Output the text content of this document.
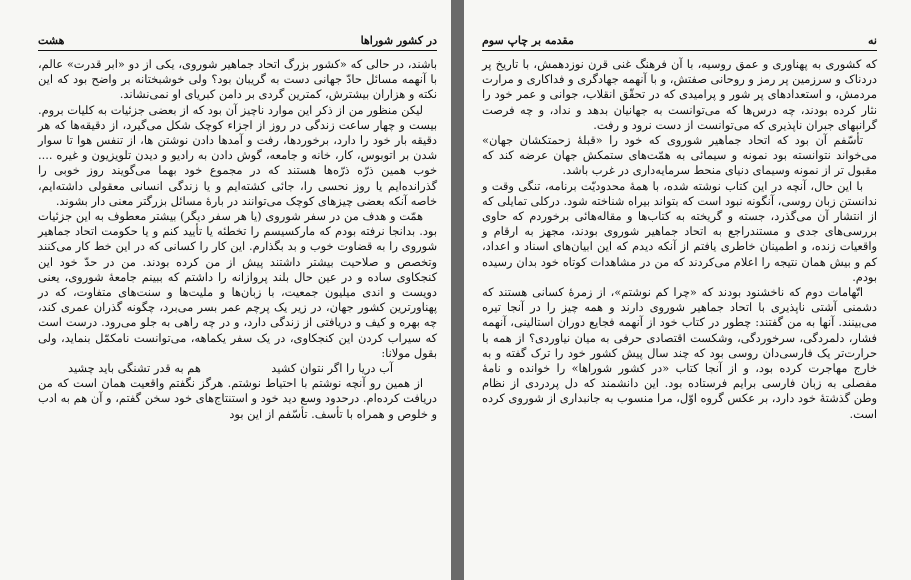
در کشور شوراها
هشت

باشند، در حالی که «کشور بزرگ اتحاد جماهیر شوروی، یکی از دو «ابر قدرت» عالم، با آنهمه مسائل حادّ جهانی دست به گریبان بود؟ ولی خوشبختانه بر واضح بود که این نکته و هزاران بیشترش، کمترین گردی بر دامن کبریای او نمی‌نشاند.

لیکن منظور من از ذکر این موارد ناچیز آن بود که از بعضی جزئیات به کلیات بروم. بیست و چهار ساعت زندگی در روز از اجزاء کوچک شکل می‌گیرد، از دقیقه‌ها که هر دقیقه بار خود را دارد، برخوردها، رفت و آمدها دادن نوشتن ها، از تنفس هوا تا سوار شدن بر اتوبوس، کار، خانه و جامعه، گوش دادن به رادیو و دیدن تلویزیون و غیره .... خوب همین ذرّه ذرّه‌ها هستند که در مجموع خود بهما می‌گویند روز خوبی را گذرانده‌ایم یا روز نحسی را، جائی کشته‌ایم و یا زندگی انسانی معقولی داشته‌ایم، خاصه آنکه بعضی چیزهای کوچک می‌توانند در بارهٔ مسائل بزرگتر معنی دار بشوند.

همّت و هدف من در سفر شوروی (یا هر سفر دیگر) بیشتر معطوف به این جزئیات بود. بدانجا نرفته بودم که مارکسیسم را تخطئه یا تأیید کنم و یا حکومت اتحاد جماهیر شوروی را به قضاوت خوب و بد بگذارم. این کار را کسانی که در این خط کار می‌کنند وتخصص و صلاحیت بیشتر داشتند پیش از من کرده بودند. من در حدّ خود این کنجکاوی ساده و در عین حال بلند پروازانه را داشتم که ببینم جامعهٔ شوروی، یعنی دویست و اندی میلیون جمعیت، با زبان‌ها و ملیت‌ها و سنت‌های متفاوت، که در پهناورترین کشور جهان، در زیر یک پرچم عمر بسر می‌برد، چگونه گذران عمری کند، چه بهره و کیف و دریافتی از زندگی دارد، و در چه راهی به جلو می‌رود. درست است که سیراب کردن این کنجکاوی، در یک سفر یکماهه، می‌توانست نامکمّل بنماید، ولی بقول مولانا:

آب دریا را اگر نتوان کشید
هم به قدر تشنگی باید چشید

از همین رو آنچه نوشتم با احتیاط نوشتم. هرگز نگفتم واقعیت همان است که من دریافت کرده‌ام. درحدود وسع دید خود و استنتاج‌های خود سخن گفتم، و آن هم به ادب و خلوص و همراه با تأسف. تأسّفم از این بود

نه
مقدمه بر چاپ سوم

که کشوری به پهناوری و عمق روسیه، با آن فرهنگ غنی قرن نوزدهمش، با تاریخ پر دردناک و سرزمین پر رمز و روحانی صفتش، و با آنهمه جهادگری و فداکاری و مرارت مردمش، و استعدادهای پر شور و پرامیدی که در تحقّق انقلاب، جوانی و عمر خود را نثار کرده بودند، چه درس‌ها که می‌توانست به جهانیان بدهد و نداد، و چه فرصت گرانبهای جبران ناپذیری که می‌توانست از دست نرود و رفت.

تأسّفم آن بود که اتحاد جماهیر شوروی که خود را «قبلهٔ زحمتکشان جهان» می‌خواند نتوانسته بود نمونه و سیمائی به همّت‌های ستمکش جهان عرضه کند که مقبول تر از نمونه وسیمای دنیای منحط سرمایه‌داری در غرب باشد.

با این حال، آنچه در این کتاب نوشته شده، با همهٔ محدودیّت برنامه، تنگی وقت و ندانستن زبان روسی، آنگونه نبود است که بتواند بیراه شناخته شود. درکلی تمایلی که از انتشار آن می‌گذرد، جسته و گریخته به کتاب‌ها و مقاله‌هائی برخوردم که حاوی بررسی‌های جدی و مستندراجع به اتحاد جماهیر شوروی بودند، مجهز به ارقام و واقعیات زنده، و اطمینان خاطری یافتم از آنکه دیدم که این ابیان‌های اسناد و اعداد، کم و بیش همان نتیجه را اعلام می‌کردند که من در مشاهدات کوتاه خود بدان رسیده بودم.

اتّهامات دوم که ناخشنود بودند که «چرا کم نوشتم»، از زمرهٔ کسانی هستند که دشمنی آشتی ناپذیری با اتحاد جماهیر شوروی دارند و همه چیز را در آنجا تیره می‌بینند. آنها به من گفتند: چطور در کتاب خود از آنهمه فجایع دوران استالینی، آنهمه فشار، دلمردگی، سرخوردگی، وشکست اقتصادی حرفی به میان نیاوردی؟ از همه با حرارت‌تر یک فارسی‌دان روسی بود که چند سال پیش کشور خود را ترک گفته و به خارج مهاجرت کرده بود، و از آنجا کتاب «در کشور شوراها» را خوانده و نامهٔ مفصلی به زبان فارسی برایم فرستاده بود. این دانشمند که دل پردردی از نظام وطن گذشتهٔ خود دارد، بر عکس گروه اوّل، مرا منسوب به جانبداری از شوروی کرده است.
